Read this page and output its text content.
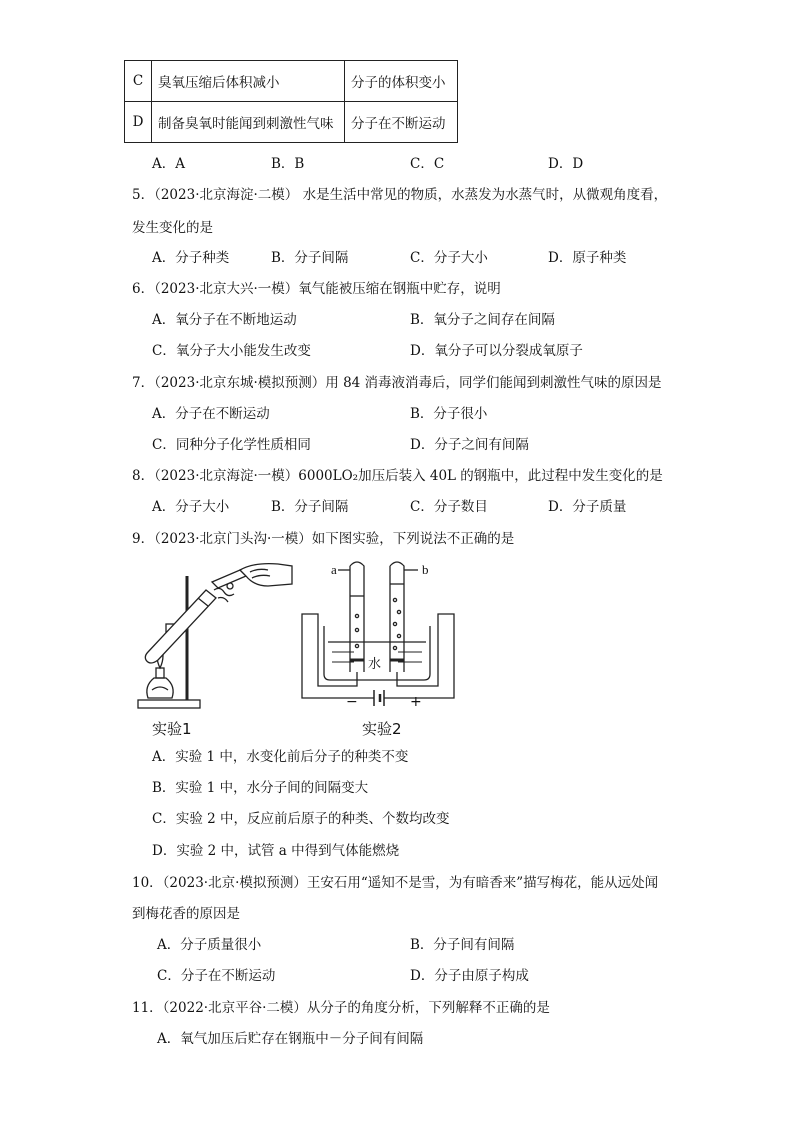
C	臭氧压缩后体积减小	分子的体积变小
D	制备臭氧时能闻到刺激性气味	分子在不断运动
A．A	B．B	C．C	D．D
5．（2023·北京海淀·二模） 水是生活中常见的物质，水蒸发为水蒸气时，从微观角度看，
发生变化的是
A．分子种类	B．分子间隔	C．分子大小	D．原子种类
6．（2023·北京大兴·一模）氧气能被压缩在钢瓶中贮存，说明
A．氧分子在不断地运动	B．氧分子之间存在间隔
C．氧分子大小能发生改变	D．氧分子可以分裂成氧原子
7．（2023·北京东城·模拟预测）用 84 消毒液消毒后，同学们能闻到刺激性气味的原因是
A．分子在不断运动	B．分子很小
C．同种分子化学性质相同	D．分子之间有间隔
8．（2023·北京海淀·一模）6000LO₂加压后装入 40L 的钢瓶中，此过程中发生变化的是
A．分子大小	B．分子间隔	C．分子数目	D．分子质量
9．（2023·北京门头沟·一模）如下图实验，下列说法不正确的是
a	b
水
−	+
实验1	实验2
A．实验 1 中，水变化前后分子的种类不变
B．实验 1 中，水分子间的间隔变大
C．实验 2 中，反应前后原子的种类、个数均改变
D．实验 2 中，试管 a 中得到气体能燃烧
10．（2023·北京·模拟预测）王安石用“遥知不是雪，为有暗香来”描写梅花，能从远处闻
到梅花香的原因是
A．分子质量很小	B．分子间有间隔
C．分子在不断运动	D．分子由原子构成
11．（2022·北京平谷·二模）从分子的角度分析，下列解释不正确的是
A．氧气加压后贮存在钢瓶中－分子间有间隔
